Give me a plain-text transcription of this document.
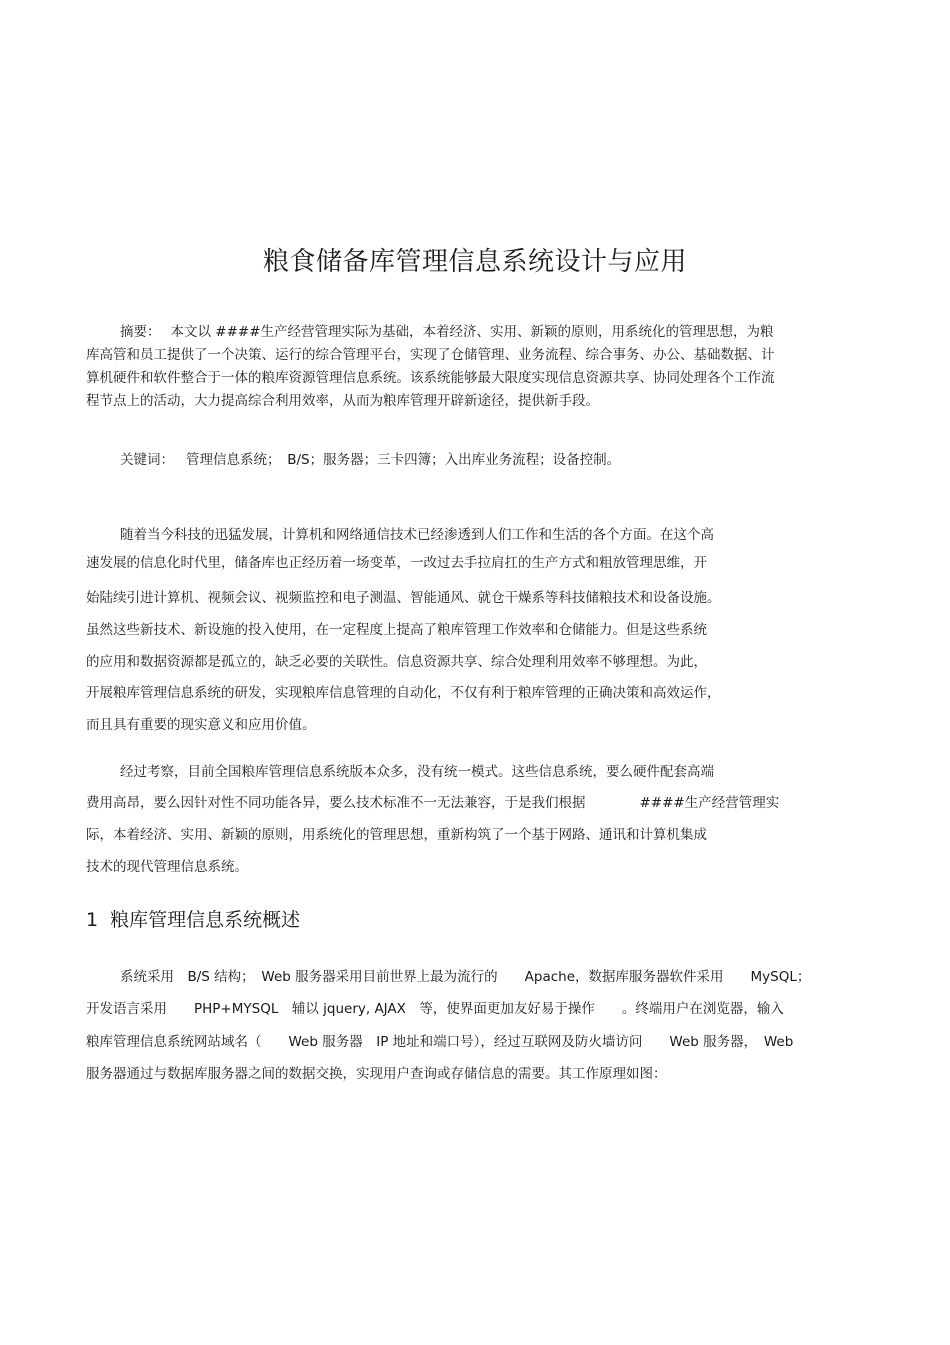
粮食储备库管理信息系统设计与应用
摘要： 本文以 ####生产经营管理实际为基础，本着经济、实用、新颖的原则，用系统化的管理思想，为粮库高管和员工提供了一个决策、运行的综合管理平台，实现了仓储管理、业务流程、综合事务、办公、基础数据、计算机硬件和软件整合于一体的粮库资源管理信息系统。该系统能够最大限度实现信息资源共享、协同处理各个工作流程节点上的活动，大力提高综合利用效率，从而为粮库管理开辟新途径，提供新手段。
关键词： 管理信息系统；　B/S；服务器；三卡四簿；入出库业务流程；设备控制。
随着当今科技的迅猛发展，计算机和网络通信技术已经渗透到人们工作和生活的各个方面。在这个高
速发展的信息化时代里，储备库也正经历着一场变革，一改过去手拉肩扛的生产方式和粗放管理思维，开
始陆续引进计算机、视频会议、视频监控和电子测温、智能通风、就仓干燥系等科技储粮技术和设备设施。
虽然这些新技术、新设施的投入使用，在一定程度上提高了粮库管理工作效率和仓储能力。但是这些系统
的应用和数据资源都是孤立的，缺乏必要的关联性。信息资源共享、综合处理利用效率不够理想。为此，
开展粮库管理信息系统的研发，实现粮库信息管理的自动化，不仅有利于粮库管理的正确决策和高效运作，
而且具有重要的现实意义和应用价值。
经过考察，目前全国粮库管理信息系统版本众多，没有统一模式。这些信息系统，要么硬件配套高端
费用高昂，要么因针对性不同功能各异，要么技术标准不一无法兼容，于是我们根据　　　　####生产经营管理实
际，本着经济、实用、新颖的原则，用系统化的管理思想，重新构筑了一个基于网路、通讯和计算机集成
技术的现代管理信息系统。
1 粮库管理信息系统概述
系统采用　B/S 结构；　Web 服务器采用目前世界上最为流行的　　Apache，数据库服务器软件采用　　MySQL；
开发语言采用　　PHP+MYSQL　辅以 jquery, AJAX　等，使界面更加友好易于操作　　。终端用户在浏览器，输入
粮库管理信息系统网站域名（　　Web 服务器　IP 地址和端口号），经过互联网及防火墙访问　　Web 服务器，　Web
服务器通过与数据库服务器之间的数据交换，实现用户查询或存储信息的需要。其工作原理如图：
